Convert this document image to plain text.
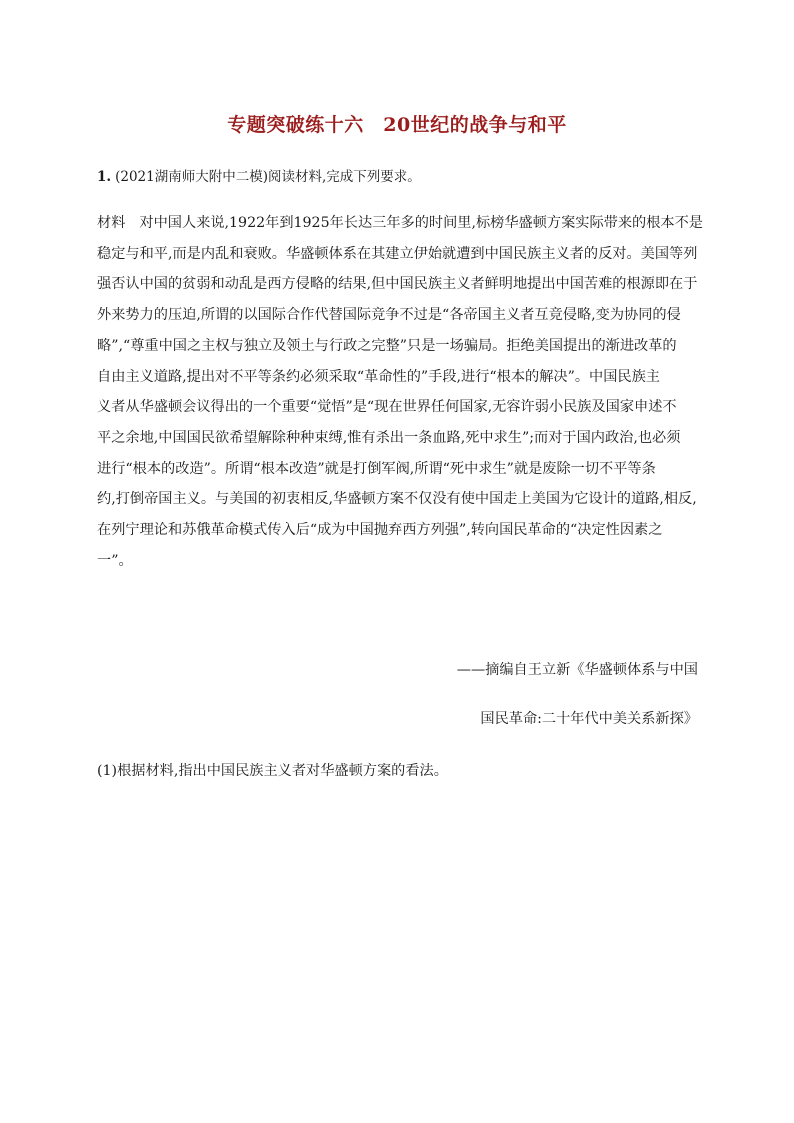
专题突破练十六　20世纪的战争与和平
1. (2021湖南师大附中二模)阅读材料,完成下列要求。
材料 对中国人来说,1922年到1925年长达三年多的时间里,标榜华盛顿方案实际带来的根本不是
稳定与和平,而是内乱和衰败。华盛顿体系在其建立伊始就遭到中国民族主义者的反对。美国等列
强否认中国的贫弱和动乱是西方侵略的结果,但中国民族主义者鲜明地提出中国苦难的根源即在于
外来势力的压迫,所谓的以国际合作代替国际竞争不过是“各帝国主义者互竞侵略,变为协同的侵
略”,“尊重中国之主权与独立及领土与行政之完整”只是一场骗局。拒绝美国提出的渐进改革的
自由主义道路,提出对不平等条约必须采取“革命性的”手段,进行“根本的解决”。中国民族主
义者从华盛顿会议得出的一个重要“觉悟”是“现在世界任何国家,无容许弱小民族及国家申述不
平之余地,中国国民欲希望解除种种束缚,惟有杀出一条血路,死中求生”;而对于国内政治,也必须
进行“根本的改造”。所谓“根本改造”就是打倒军阀,所谓“死中求生”就是废除一切不平等条
约,打倒帝国主义。与美国的初衷相反,华盛顿方案不仅没有使中国走上美国为它设计的道路,相反,
在列宁理论和苏俄革命模式传入后“成为中国抛弃西方列强”,转向国民革命的“决定性因素之
一”。
——摘编自王立新《华盛顿体系与中国
国民革命:二十年代中美关系新探》
(1)根据材料,指出中国民族主义者对华盛顿方案的看法。
